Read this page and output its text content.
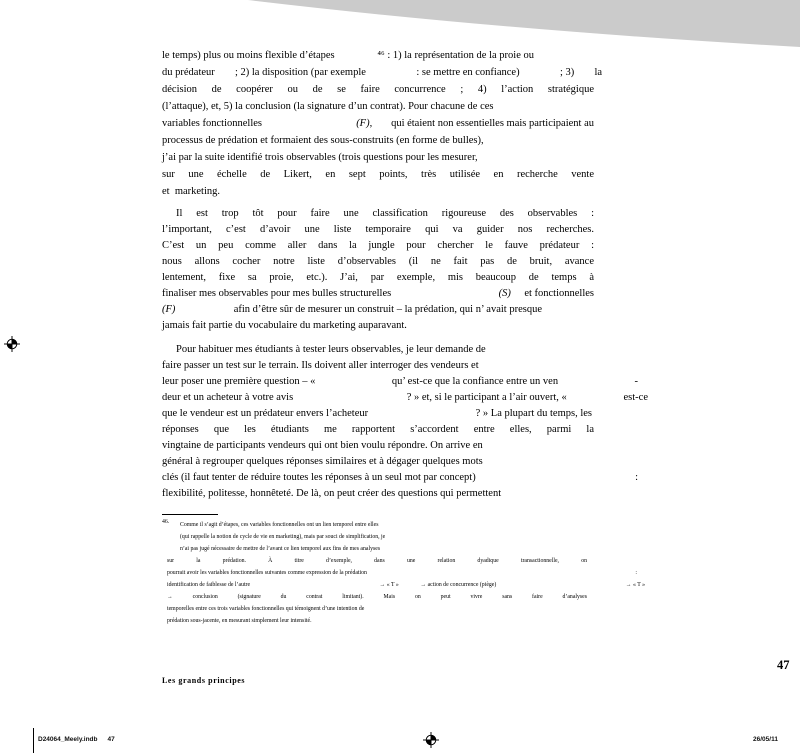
le temps) plus ou moins flexible d’étapes	⁴⁶ : 1) la représentation de la proie ou
du prédateur ; 2) la disposition (par exemple	: se mettre en confiance)	; 3) la
décision de coopérer ou de se faire concurrence ; 4) l’action stratégique
(l’attaque), et, 5) la conclusion (la signature d’un contrat). Pour chacune de ces
variables fonctionnelles	(F), qui étaient non essentielles mais participaient au
processus de prédation et formaient des sous-construits (en forme de bulles),
j’ai par la suite identifié trois observables (trois questions pour les mesurer,
sur une échelle de Likert, en sept points, très utilisée en recherche vente
et marketing.
Il est trop tôt pour faire une classification rigoureuse des observables :
l’important, c’est d’avoir une liste temporaire qui va guider nos recherches.
C’est un peu comme aller dans la jungle pour chercher le fauve prédateur :
nous allons cocher notre liste d’observables (il ne fait pas de bruit, avance
lentement, fixe sa proie, etc.). J’ai, par exemple, mis beaucoup de temps à
finaliser mes observables pour mes bulles structurelles	(S) et fonctionnelles
(F)	afin d’être sûr de mesurer un construit – la prédation, qui n’ avait presque
jamais fait partie du vocabulaire du marketing auparavant.
Pour habituer mes étudiants à tester leurs observables, je leur demande de
faire passer un test sur le terrain. Ils doivent aller interroger des vendeurs et
leur poser une première question – «	qu’ est-ce que la confiance entre un ven	-
deur et un acheteur à votre avis	? » et, si le participant a l’air ouvert, «	est-ce
que le vendeur est un prédateur envers l’acheteur	? » La plupart du temps, les
réponses que les étudiants me rapportent s’accordent entre elles, parmi la
vingtaine de participants vendeurs qui ont bien voulu répondre. On arrive en
général à regrouper quelques réponses similaires et à dégager quelques mots
clés (il faut tenter de réduire toutes les réponses à un seul mot par concept)	:
flexibilité, politesse, honnêteté. De là, on peut créer des questions qui permettent
46. Comme il s’agit d’étapes, ces variables fonctionnelles ont un lien temporel entre elles
(qui rappelle la notion de cycle de vie en marketing), mais par souci de simplification, je
n’ai pas jugé nécessaire de mettre de l’avant ce lien temporel aux fins de mes analyses
sur la prédation. À titre d’exemple, dans une relation dyadique transactionnelle, on
pourrait avoir les variables fonctionnelles suivantes comme expression de la prédation	:
identification de faiblesse de l’autre	→ « T »	→ action de concurrence (piège)	→ « T »
→ conclusion (signature du contrat limitant). Mais on peut vivre sans faire d’analyses
temporelles entre ces trois variables fonctionnelles qui témoignent d’une intention de
prédation sous-jacente, en mesurant simplement leur intensité.
Les grands principes
47
D24064_Meely.indb 47	26/05/11
